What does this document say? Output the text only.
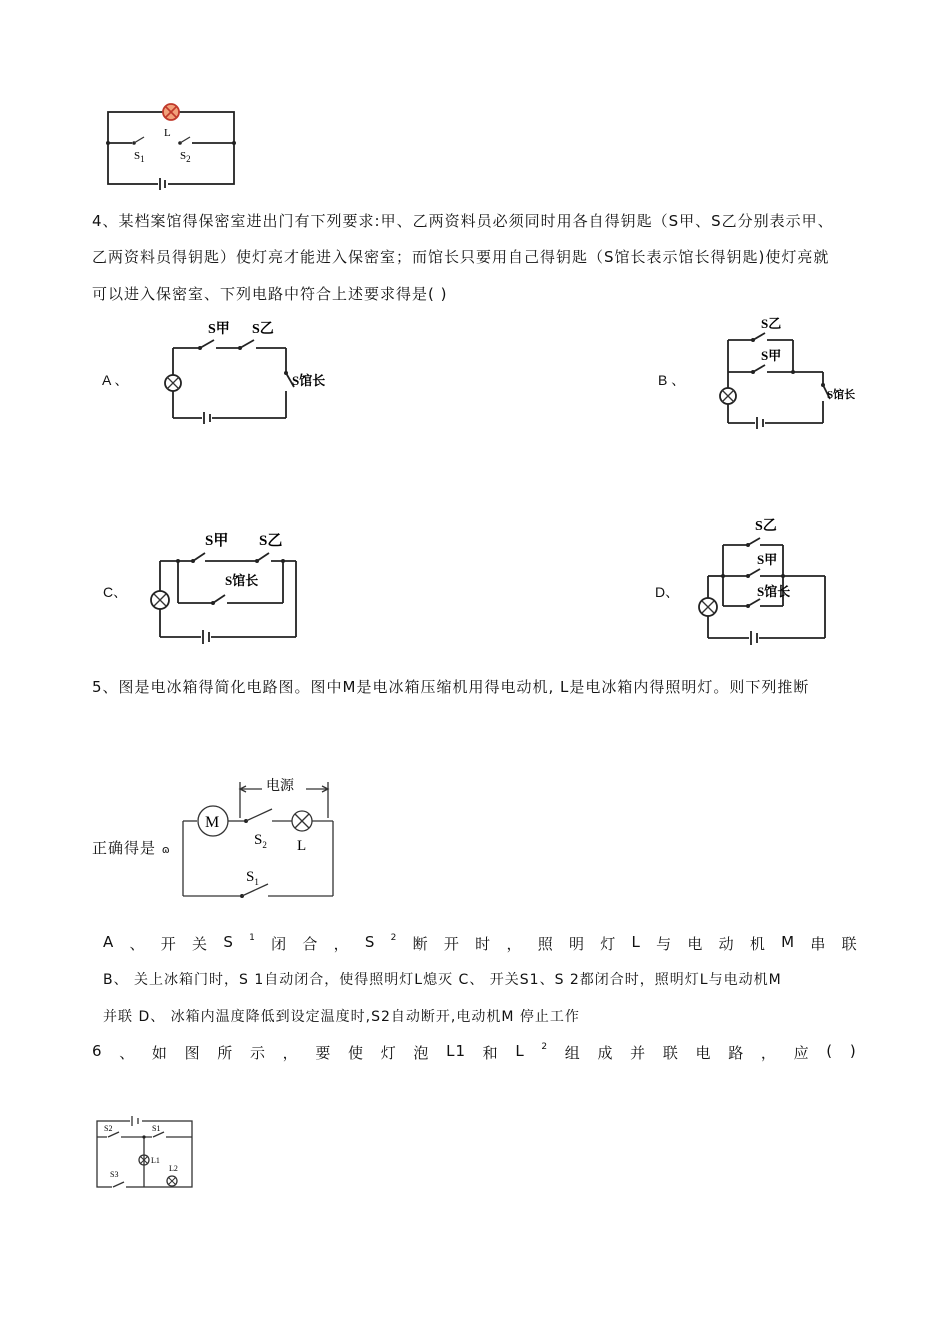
L
$S_1$	$S_2$
4、某档案馆得保密室进出门有下列要求:甲、乙两资料员必须同时用各自得钥匙（S甲、S乙分别表示甲、
乙两资料员得钥匙）使灯亮才能进入保密室；而馆长只要用自己得钥匙（S馆长表示馆长得钥匙)使灯亮就
可以进入保密室、下列电路中符合上述要求得是( )
A 、	B 、
C、	D、
S甲 S乙
S馆长
S乙
S甲
S馆长
S甲 S乙
S馆长
S乙
S甲
S馆长
5、图是电冰箱得简化电路图。图中M是电冰箱压缩机用得电动机, L是电冰箱内得照明灯。则下列推断
正确得是 ɷ
电源
M
$S_2$ L
$S_1$
A 、 开 关 S 1 闭 合 ， S 2 断 开 时 ， 照 明 灯 L 与 电 动 机 M 串 联
B、 关上冰箱门时，S 1自动闭合，使得照明灯L熄灭 C、 开关S1、S 2都闭合时，照明灯L与电动机M
并联 D、 冰箱内温度降低到设定温度时,S2自动断开,电动机M 停止工作
6 、 如 图 所 示 ， 要 使 灯 泡 L1 和 L 2 组 成 并 联 电 路 ， 应 ( )
S2	S1
L1
S3
L2
